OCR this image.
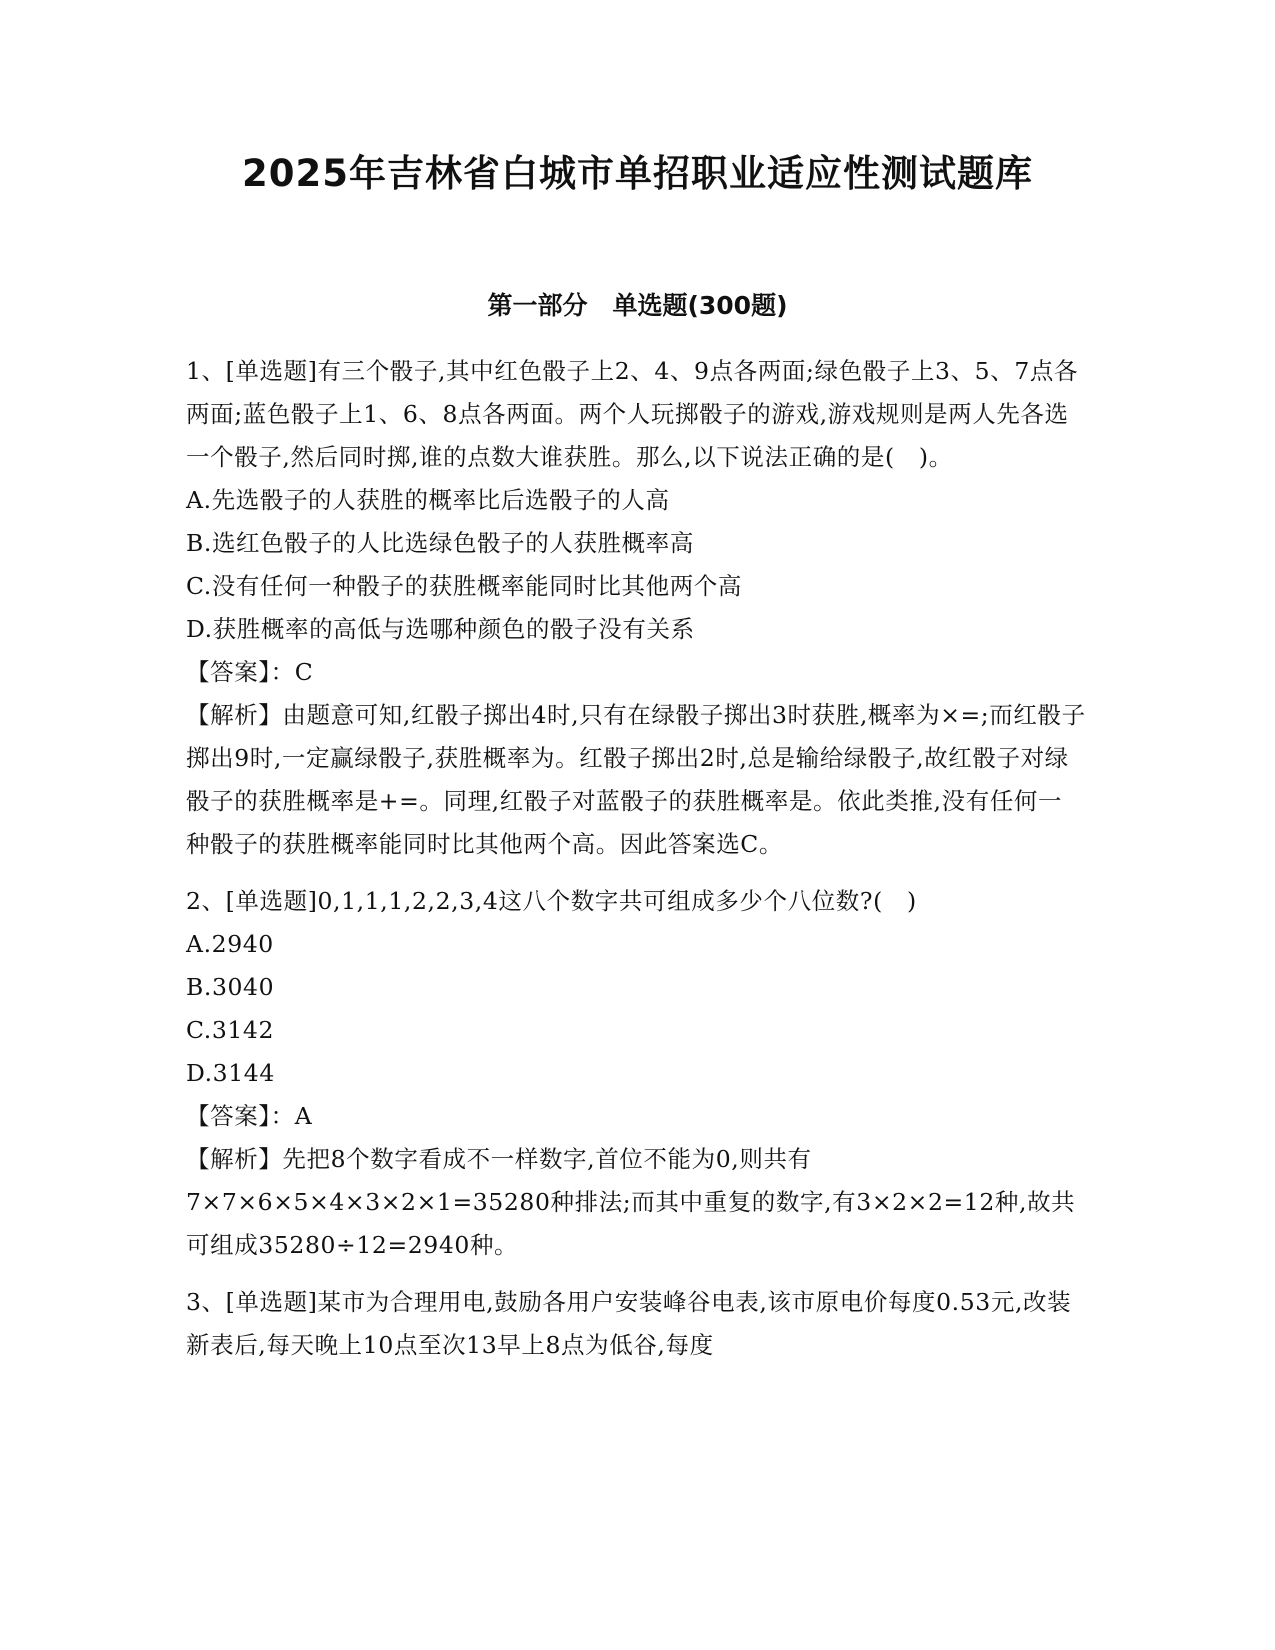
2025年吉林省白城市单招职业适应性测试题库
第一部分　单选题(300题)

1、[单选题]有三个骰子,其中红色骰子上2、4、9点各两面;绿色骰子上3、5、7点各两面;蓝色骰子上1、6、8点各两面。两个人玩掷骰子的游戏,游戏规则是两人先各选一个骰子,然后同时掷,谁的点数大谁获胜。那么,以下说法正确的是(　)。

A.先选骰子的人获胜的概率比后选骰子的人高

B.选红色骰子的人比选绿色骰子的人获胜概率高

C.没有任何一种骰子的获胜概率能同时比其他两个高

D.获胜概率的高低与选哪种颜色的骰子没有关系

【答案】：C

【解析】由题意可知,红骰子掷出4时,只有在绿骰子掷出3时获胜,概率为×=;而红骰子掷出9时,一定赢绿骰子,获胜概率为。红骰子掷出2时,总是输给绿骰子,故红骰子对绿骰子的获胜概率是+=。同理,红骰子对蓝骰子的获胜概率是。依此类推,没有任何一种骰子的获胜概率能同时比其他两个高。因此答案选C。

2、[单选题]0,1,1,1,2,2,3,4这八个数字共可组成多少个八位数?(　)

A.2940

B.3040

C.3142

D.3144

【答案】：A

【解析】先把8个数字看成不一样数字,首位不能为0,则共有7×7×6×5×4×3×2×1=35280种排法;而其中重复的数字,有3×2×2=12种,故共可组成35280÷12=2940种。

3、[单选题]某市为合理用电,鼓励各用户安装峰谷电表,该市原电价每度0.53元,改装新表后,每天晚上10点至次13早上8点为低谷,每度
